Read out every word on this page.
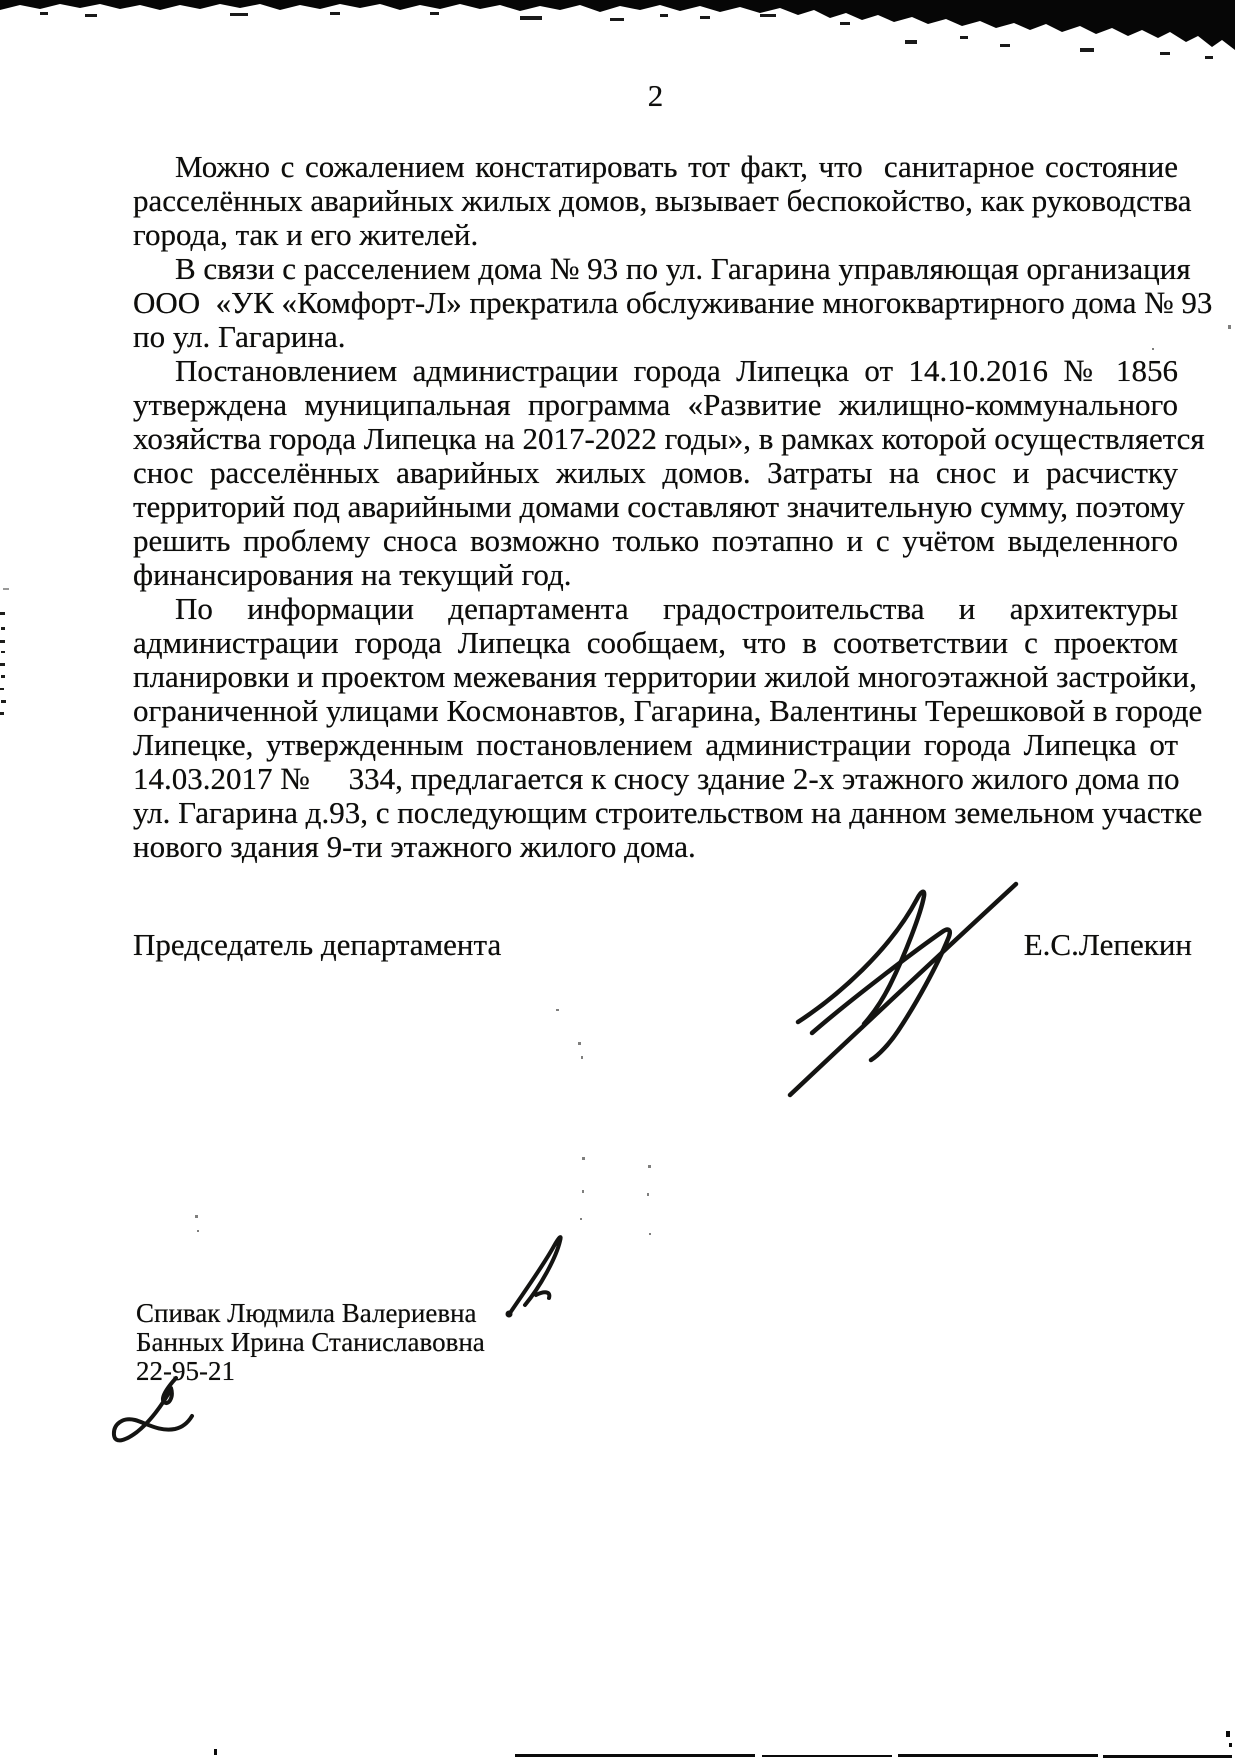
2
Можно с сожалением констатировать тот факт, что  санитарное состояние
расселённых аварийных жилых домов, вызывает беспокойство, как руководства
города, так и его жителей.
В связи с расселением дома № 93 по ул. Гагарина управляющая организация
ООО  «УК «Комфорт-Л» прекратила обслуживание многоквартирного дома № 93
по ул. Гагарина.
Постановлением администрации города Липецка от 14.10.2016 № 1856
утверждена муниципальная программа «Развитие жилищно-коммунального
хозяйства города Липецка на 2017-2022 годы», в рамках которой осуществляется
снос расселённых аварийных жилых домов. Затраты на снос и расчистку
территорий под аварийными домами составляют значительную сумму, поэтому
решить проблему сноса возможно только поэтапно и с учётом выделенного
финансирования на текущий год.
По информации департамента градостроительства и архитектуры
администрации города Липецка сообщаем, что в соответствии с проектом
планировки и проектом межевания территории жилой многоэтажной застройки,
ограниченной улицами Космонавтов, Гагарина, Валентины Терешковой в городе
Липецке, утвержденным постановлением администрации города Липецка от
14.03.2017 №     334, предлагается к сносу здание 2-х этажного жилого дома по
ул. Гагарина д.93, с последующим строительством на данном земельном участке
нового здания 9-ти этажного жилого дома.
Председатель департамента	Е.С.Лепекин
Спивак Людмила Валериевна
Банных Ирина Станиславовна
22-95-21
